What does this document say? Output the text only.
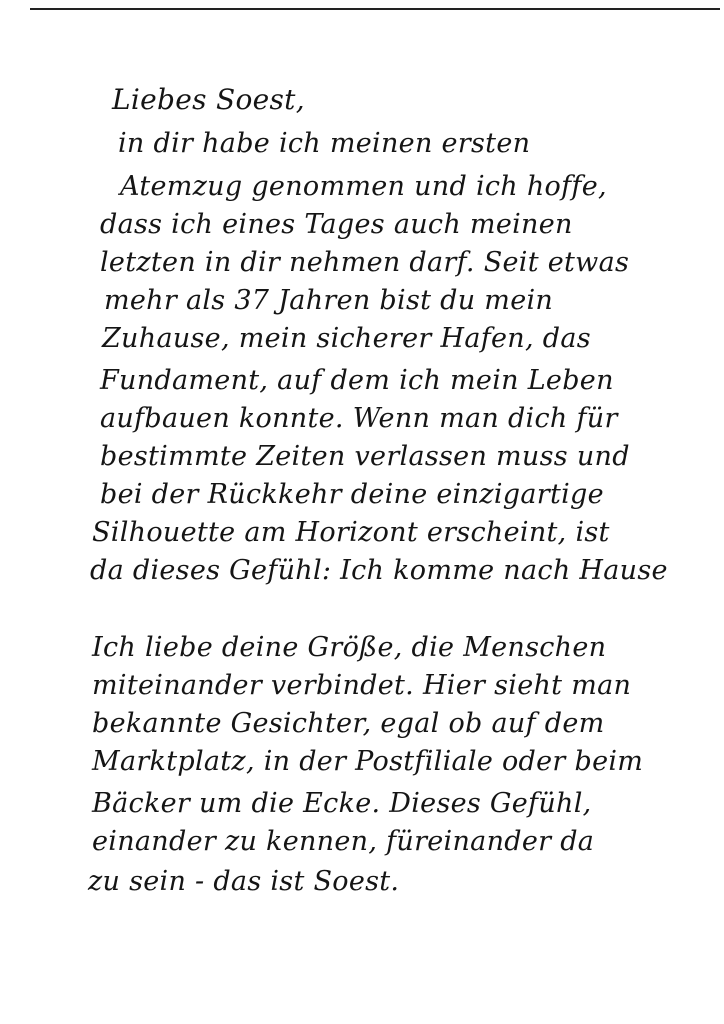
Liebes Soest,
in dir habe ich meinen ersten
Atemzug genommen und ich hoffe,
dass ich eines Tages auch meinen
letzten in dir nehmen darf. Seit etwas
mehr als 37 Jahren bist du mein
Zuhause, mein sicherer Hafen, das
Fundament, auf dem ich mein Leben
aufbauen konnte. Wenn man dich für
bestimmte Zeiten verlassen muss und
bei der Rückkehr deine einzigartige
Silhouette am Horizont erscheint, ist
da dieses Gefühl: Ich komme nach Hause
Ich liebe deine Größe, die Menschen
miteinander verbindet. Hier sieht man
bekannte Gesichter, egal ob auf dem
Marktplatz, in der Postfiliale oder beim
Bäcker um die Ecke. Dieses Gefühl,
einander zu kennen, füreinander da
zu sein - das ist Soest.
